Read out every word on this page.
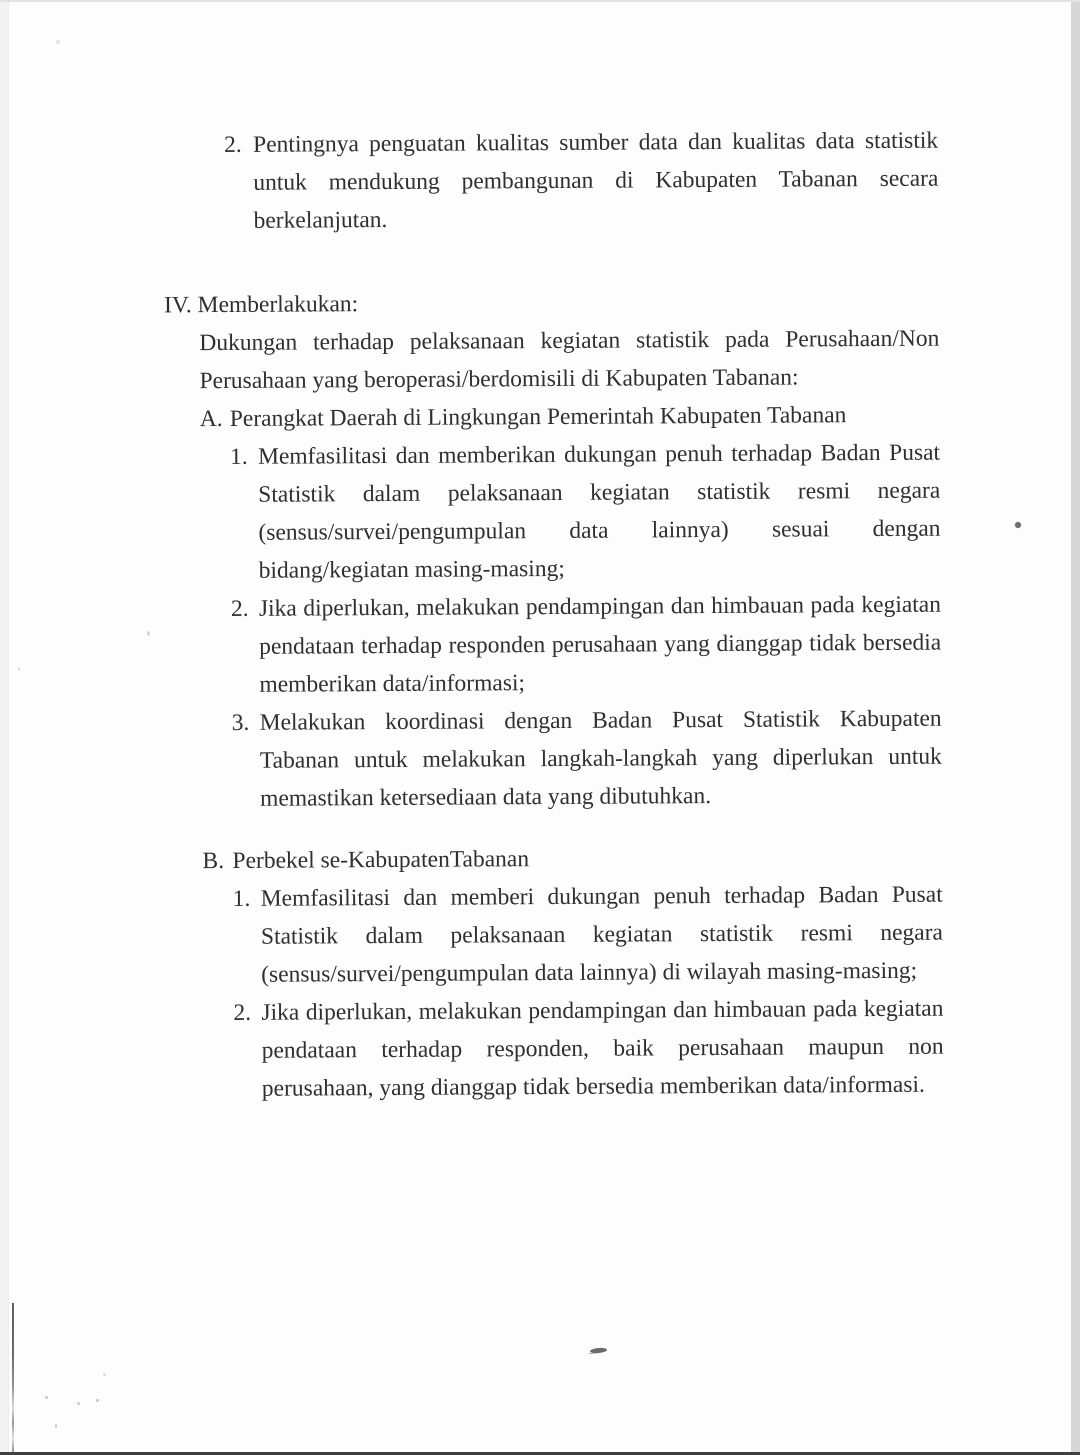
2. Pentingnya penguatan kualitas sumber data dan kualitas data statistik untuk mendukung pembangunan di Kabupaten Tabanan secara berkelanjutan.
IV. Memberlakukan:
Dukungan terhadap pelaksanaan kegiatan statistik pada Perusahaan/Non Perusahaan yang beroperasi/berdomisili di Kabupaten Tabanan:
A. Perangkat Daerah di Lingkungan Pemerintah Kabupaten Tabanan
1. Memfasilitasi dan memberikan dukungan penuh terhadap Badan Pusat Statistik dalam pelaksanaan kegiatan statistik resmi negara (sensus/survei/pengumpulan data lainnya) sesuai dengan bidang/kegiatan masing-masing;
2. Jika diperlukan, melakukan pendampingan dan himbauan pada kegiatan pendataan terhadap responden perusahaan yang dianggap tidak bersedia memberikan data/informasi;
3. Melakukan koordinasi dengan Badan Pusat Statistik Kabupaten Tabanan untuk melakukan langkah-langkah yang diperlukan untuk memastikan ketersediaan data yang dibutuhkan.
B. Perbekel se-KabupatenTabanan
1. Memfasilitasi dan memberi dukungan penuh terhadap Badan Pusat Statistik dalam pelaksanaan kegiatan statistik resmi negara (sensus/survei/pengumpulan data lainnya) di wilayah masing-masing;
2. Jika diperlukan, melakukan pendampingan dan himbauan pada kegiatan pendataan terhadap responden, baik perusahaan maupun non perusahaan, yang dianggap tidak bersedia memberikan data/informasi.
